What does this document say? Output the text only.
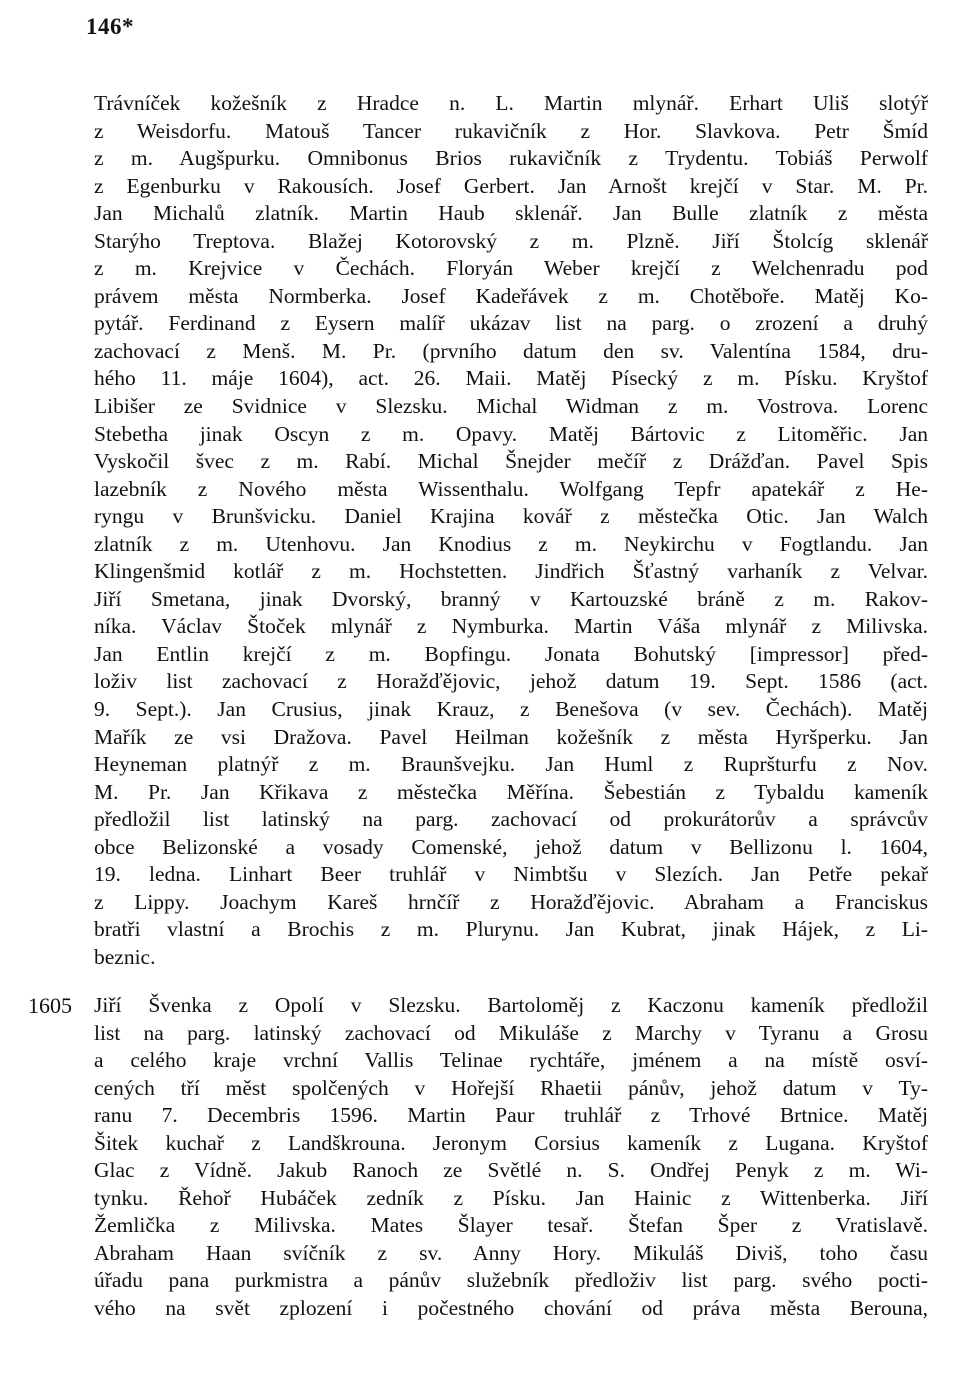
146*
Trávníček kožešník z Hradce n. L. Martin mlynář. Erhart Uliš slotýř
z Weisdorfu. Matouš Tancer rukavičník z Hor. Slavkova. Petr Šmíd
z m. Augšpurku. Omnibonus Brios rukavičník z Trydentu. Tobiáš Perwolf
z Egenburku v Rakousích. Josef Gerbert. Jan Arnošt krejčí v Star. M. Pr.
Jan Michalů zlatník. Martin Haub sklenář. Jan Bulle zlatník z města
Starýho Treptova. Blažej Kotorovský z m. Plzně. Jiří Štolcíg sklenář
z m. Krejvice v Čechách. Floryán Weber krejčí z Welchenradu pod
právem města Normberka. Josef Kadeřávek z m. Chotěboře. Matěj Ko-
pytář. Ferdinand z Eysern malíř ukázav list na parg. o zrození a druhý
zachovací z Menš. M. Pr. (prvního datum den sv. Valentína 1584, dru-
hého 11. máje 1604), act. 26. Maii. Matěj Písecký z m. Písku. Kryštof
Libišer ze Svidnice v Slezsku. Michal Widman z m. Vostrova. Lorenc
Stebetha jinak Oscyn z m. Opavy. Matěj Bártovic z Litoměřic. Jan
Vyskočil švec z m. Rabí. Michal Šnejder mečíř z Drážďan. Pavel Spis
lazebník z Nového města Wissenthalu. Wolfgang Tepfr apatekář z He-
ryngu v Brunšvicku. Daniel Krajina kovář z městečka Otic. Jan Walch
zlatník z m. Utenhovu. Jan Knodius z m. Neykirchu v Fogtlandu. Jan
Klingenšmid kotlář z m. Hochstetten. Jindřich Šťastný varhaník z Velvar.
Jiří Smetana, jinak Dvorský, branný v Kartouzské bráně z m. Rakov-
níka. Václav Štoček mlynář z Nymburka. Martin Váša mlynář z Milivska.
Jan Entlin krejčí z m. Bopfingu. Jonata Bohutský [impressor] před-
loživ list zachovací z Horažďějovic, jehož datum 19. Sept. 1586 (act.
9. Sept.). Jan Crusius, jinak Krauz, z Benešova (v sev. Čechách). Matěj
Mařík ze vsi Dražova. Pavel Heilman kožešník z města Hyršperku. Jan
Heyneman platnýř z m. Braunšvejku. Jan Huml z Rupršturfu z Nov.
M. Pr. Jan Křikava z městečka Měřína. Šebestián z Tybaldu kameník
předložil list latinský na parg. zachovací od prokurátorův a správcův
obce Belizonské a vosady Comenské, jehož datum v Bellizonu l. 1604,
19. ledna. Linhart Beer truhlář v Nimbtšu v Slezích. Jan Petře pekař
z Lippy. Joachym Kareš hrnčíř z Horažďějovic. Abraham a Franciskus
bratři vlastní a Brochis z m. Plurynu. Jan Kubrat, jinak Hájek, z Li-
beznic.
1605 Jiří Švenka z Opolí v Slezsku. Bartoloměj z Kaczonu kameník předložil
list na parg. latinský zachovací od Mikuláše z Marchy v Tyranu a Grosu
a celého kraje vrchní Vallis Telinae rychtáře, jménem a na místě osví-
cených tří měst spolčených v Hořejší Rhaetii pánův, jehož datum v Ty-
ranu 7. Decembris 1596. Martin Paur truhlář z Trhové Brtnice. Matěj
Šitek kuchař z Landškrouna. Jeronym Corsius kameník z Lugana. Kryštof
Glac z Vídně. Jakub Ranoch ze Světlé n. S. Ondřej Penyk z m. Wi-
tynku. Řehoř Hubáček zedník z Písku. Jan Hainic z Wittenberka. Jiří
Žemlička z Milivska. Mates Šlayer tesař. Štefan Šper z Vratislavě.
Abraham Haan svíčník z sv. Anny Hory. Mikuláš Diviš, toho času
úřadu pana purkmistra a pánův služebník předloživ list parg. svého pocti-
vého na svět zplození i počestného chování od práva města Berouna,
